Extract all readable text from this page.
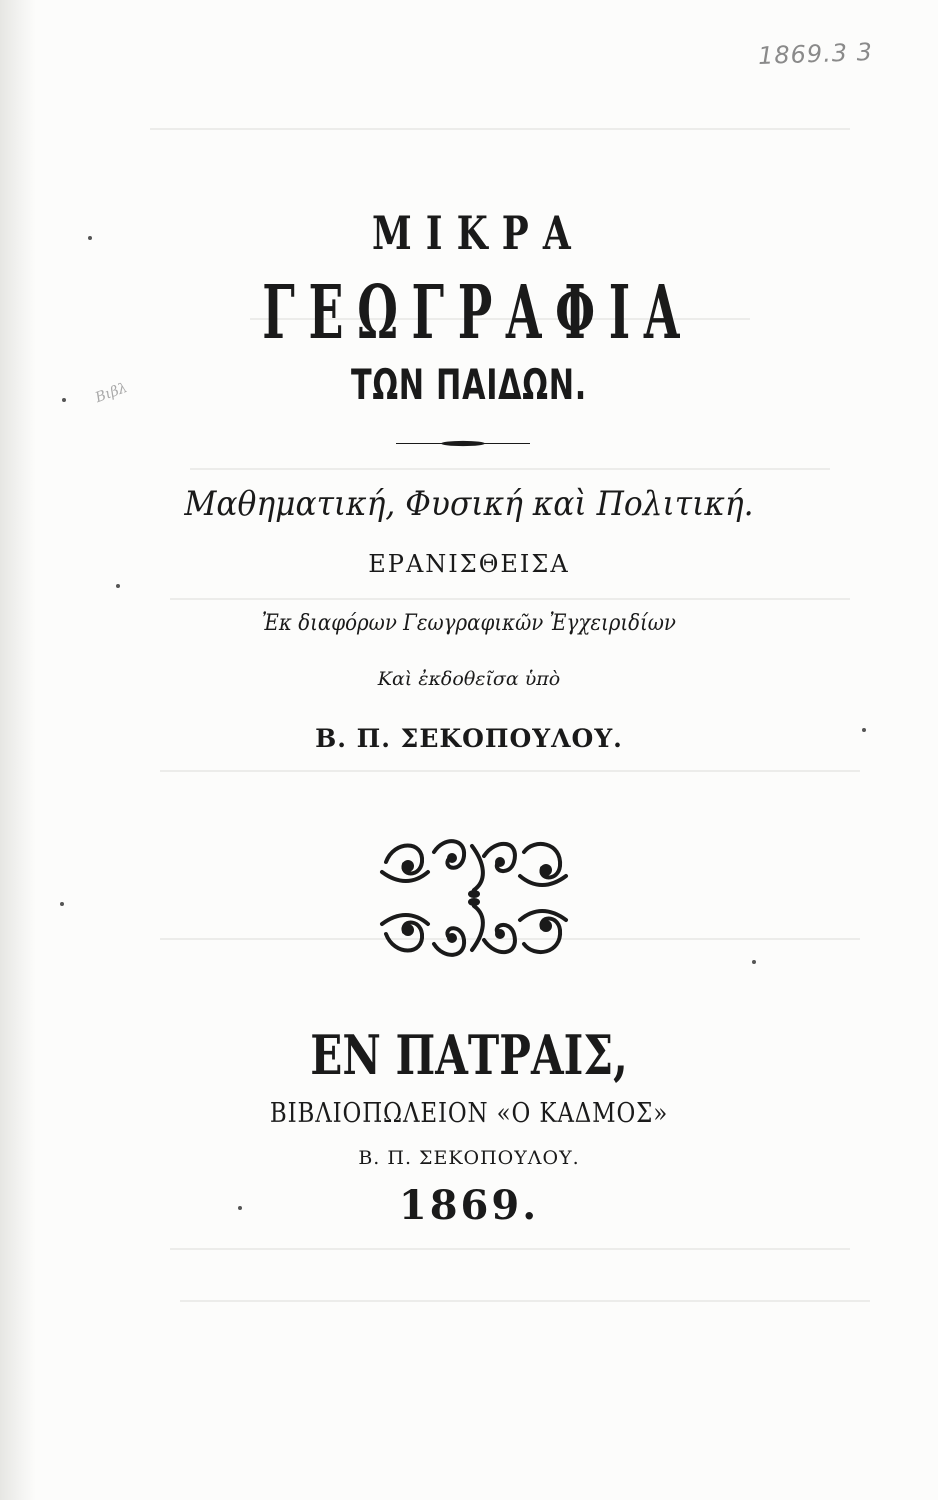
1869.3 3
Βιβλ
ΜΙΚΡΑ
ΓΕΩΓΡΑΦΙΑ
ΤΩΝ ΠΑΙΔΩΝ.
Μαθηματική, Φυσική καὶ Πολιτική.
ΕΡΑΝΙΣΘΕΙΣΑ
Ἐκ διαφόρων Γεωγραφικῶν Ἐγχειριδίων
Καὶ ἐκδοθεῖσα ὑπὸ
Β. Π. ΣΕΚΟΠΟΥΛΟΥ.
ΕΝ ΠΑΤΡΑΙΣ,
ΒΙΒΛΙΟΠΩΛΕΙΟΝ «Ο ΚΑΔΜΟΣ»
Β. Π. ΣΕΚΟΠΟΥΛΟΥ.
1869.
